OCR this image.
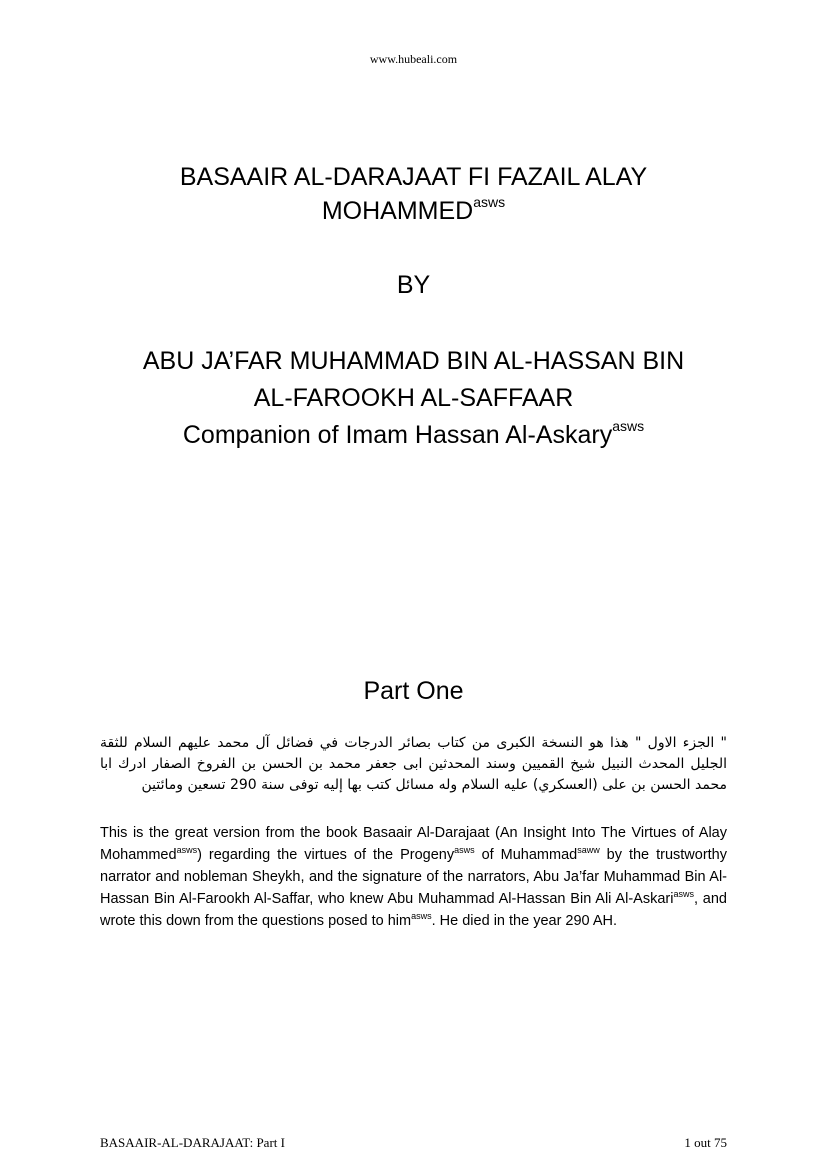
www.hubeali.com
BASAAIR AL-DARAJAAT FI FAZAIL ALAY
$MOHAMMED^{asws}$
BY
ABU JA’FAR MUHAMMAD BIN AL-HASSAN BIN
AL-FAROOKH AL-SAFFAAR
Companion of Imam Hassan Al-Askary$^{asws}$
Part One
" الجزء الاول " هذا هو النسخة الكبرى من كتاب بصائر الدرجات في فضائل آل محمد عليهم السلام للثقة الجليل المحدث النبيل شيخ القميين وسند المحدثين ابى جعفر محمد بن الحسن بن الفروخ الصفار ادرك ابا محمد الحسن بن على (العسكري) عليه السلام وله مسائل كتب بها إليه توفى سنة 290 تسعين ومائتين
This is the great version from the book Basaair Al-Darajaat (An Insight Into The Virtues of Alay Mohammed$^{asws}$) regarding the virtues of the Progeny$^{asws}$ of Muhammad$^{saww}$ by the trustworthy narrator and nobleman Sheykh, and the signature of the narrators, Abu Ja’far Muhammad Bin Al-Hassan Bin Al-Farookh Al-Saffar, who knew Abu Muhammad Al-Hassan Bin Ali Al-Askari$^{asws}$, and wrote this down from the questions posed to him$^{asws}$. He died in the year 290 AH.
BASAAIR-AL-DARAJAAT: Part I	1 out 75
